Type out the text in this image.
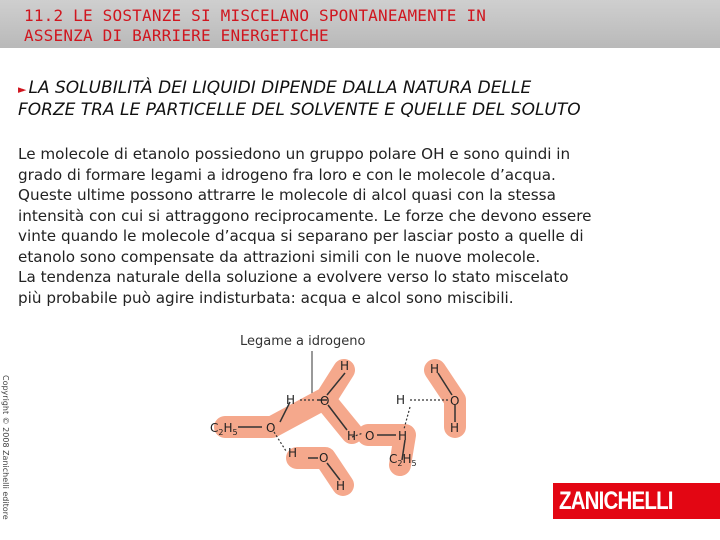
11.2 LE SOSTANZE SI MISCELANO SPONTANEAMENTE IN
ASSENZA DI BARRIERE ENERGETICHE
► LA SOLUBILITÀ DEI LIQUIDI DIPENDE DALLA NATURA DELLE
FORZE TRA LE PARTICELLE DEL SOLVENTE E QUELLE DEL SOLUTO

Le molecole di etanolo possiedono un gruppo polare OH e sono quindi in

grado di formare legami a idrogeno fra loro e con le molecole d’acqua.

Queste ultime possono attrarre le molecole di alcol quasi con la stessa

intensità con cui si attraggono reciprocamente. Le forze che devono essere

vinte quando le molecole d’acqua si separano per lasciar posto a quelle di

etanolo sono compensate da attrazioni simili con le nuove molecole.

La tendenza naturale della soluzione a evolvere verso lo stato miscelato

più probabile può agire indisturbata: acqua e alcol sono miscibili.

Legame a idrogeno
$C_2H_5$ O
H O
H
H
H O
H
O
H
H
$C_2H_5$
H
O
H
Copyright © 2008 Zanichelli editore	ZANICHELLI
